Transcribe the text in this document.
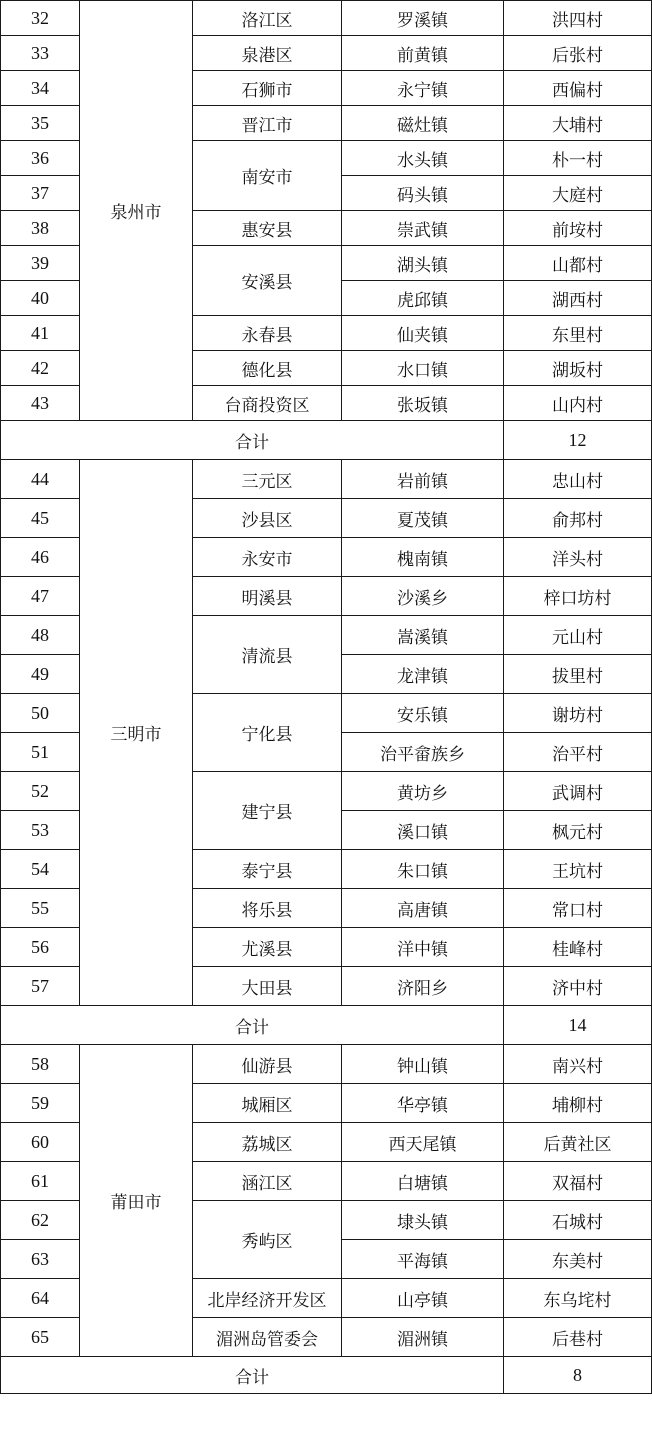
32	泉州市	洛江区	罗溪镇	洪四村
33		泉港区	前黄镇	后张村
34		石狮市	永宁镇	西偏村
35		晋江市	磁灶镇	大埔村
36		南安市	水头镇	朴一村
37			码头镇	大庭村
38		惠安县	崇武镇	前垵村
39		安溪县	湖头镇	山都村
40			虎邱镇	湖西村
41		永春县	仙夹镇	东里村
42		德化县	水口镇	湖坂村
43		台商投资区	张坂镇	山内村
合计				12
44	三明市	三元区	岩前镇	忠山村
45		沙县区	夏茂镇	俞邦村
46		永安市	槐南镇	洋头村
47		明溪县	沙溪乡	梓口坊村
48		清流县	嵩溪镇	元山村
49			龙津镇	拔里村
50		宁化县	安乐镇	谢坊村
51			治平畲族乡	治平村
52		建宁县	黄坊乡	武调村
53			溪口镇	枫元村
54		泰宁县	朱口镇	王坑村
55		将乐县	高唐镇	常口村
56		尤溪县	洋中镇	桂峰村
57		大田县	济阳乡	济中村
合计				14
58	莆田市	仙游县	钟山镇	南兴村
59		城厢区	华亭镇	埔柳村
60		荔城区	西天尾镇	后黄社区
61		涵江区	白塘镇	双福村
62		秀屿区	埭头镇	石城村
63			平海镇	东美村
64		北岸经济开发区	山亭镇	东乌垞村
65		湄洲岛管委会	湄洲镇	后巷村
合计				8
